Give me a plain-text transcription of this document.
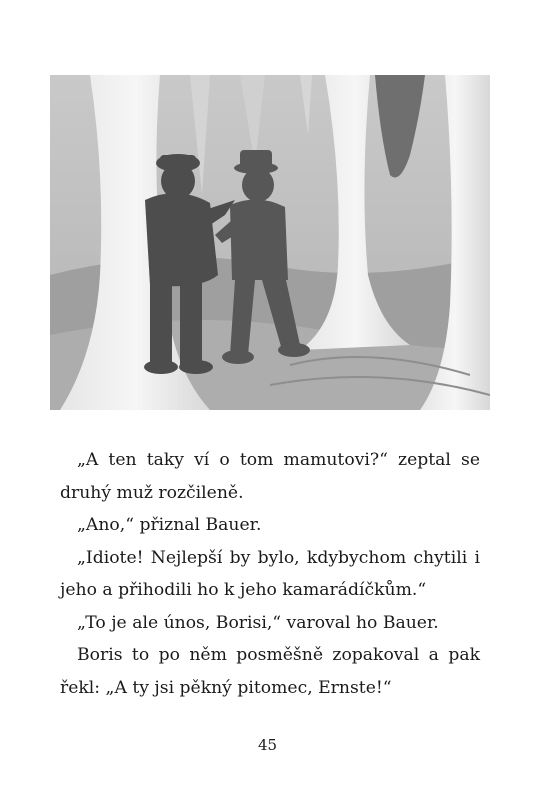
„A ten taky ví o tom mamutovi?“ zeptal se druhý muž rozčileně.

„Ano,“ přiznal Bauer.

„Idiote! Nejlepší by bylo, kdybychom chytili i jeho a přihodili ho k jeho kamarádíčkům.“

„To je ale únos, Borisi,“ varoval ho Bauer.

Boris to po něm posměšně zopakoval a pak řekl: „A ty jsi pěkný pitomec, Ernste!“

45
